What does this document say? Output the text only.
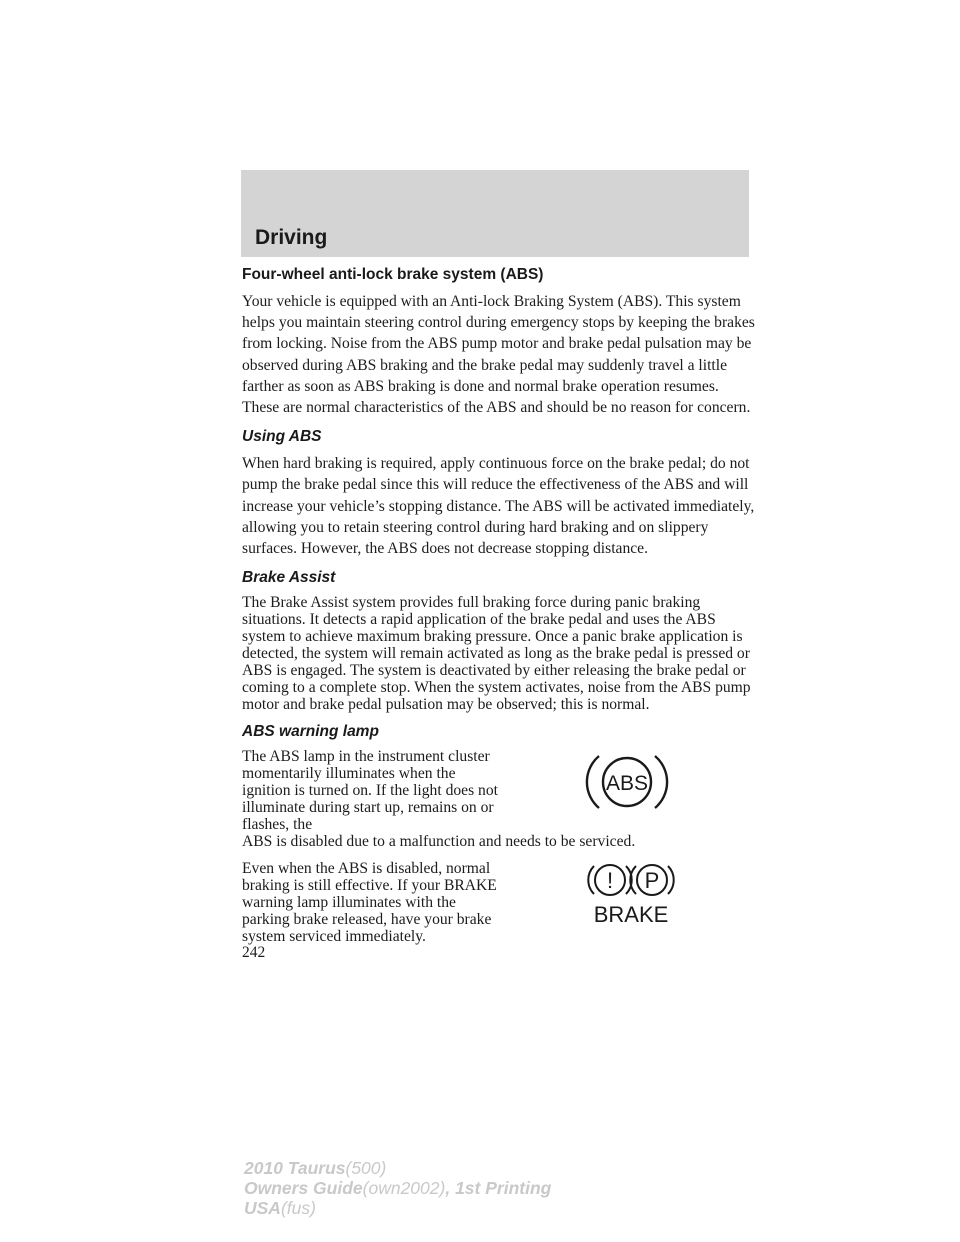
Driving
Four-wheel anti-lock brake system (ABS)

Your vehicle is equipped with an Anti-lock Braking System (ABS). This system helps you maintain steering control during emergency stops by keeping the brakes from locking. Noise from the ABS pump motor and brake pedal pulsation may be observed during ABS braking and the brake pedal may suddenly travel a little farther as soon as ABS braking is done and normal brake operation resumes. These are normal characteristics of the ABS and should be no reason for concern.

Using ABS

When hard braking is required, apply continuous force on the brake pedal; do not pump the brake pedal since this will reduce the effectiveness of the ABS and will increase your vehicle’s stopping distance. The ABS will be activated immediately, allowing you to retain steering control during hard braking and on slippery surfaces. However, the ABS does not decrease stopping distance.

Brake Assist

The Brake Assist system provides full braking force during panic braking situations. It detects a rapid application of the brake pedal and uses the ABS system to achieve maximum braking pressure. Once a panic brake application is detected, the system will remain activated as long as the brake pedal is pressed or ABS is engaged. The system is deactivated by either releasing the brake pedal or coming to a complete stop. When the system activates, noise from the ABS pump motor and brake pedal pulsation may be observed; this is normal.

ABS warning lamp

The ABS lamp in the instrument cluster momentarily illuminates when the ignition is turned on. If the light does not illuminate during start up, remains on or flashes, the

ABS is disabled due to a malfunction and needs to be serviced.

ABS

Even when the ABS is disabled, normal braking is still effective. If your BRAKE warning lamp illuminates with the parking brake released, have your brake system serviced immediately.

! P
BRAKE
242
2010 Taurus(500)
Owners Guide(own2002), 1st Printing
USA(fus)
